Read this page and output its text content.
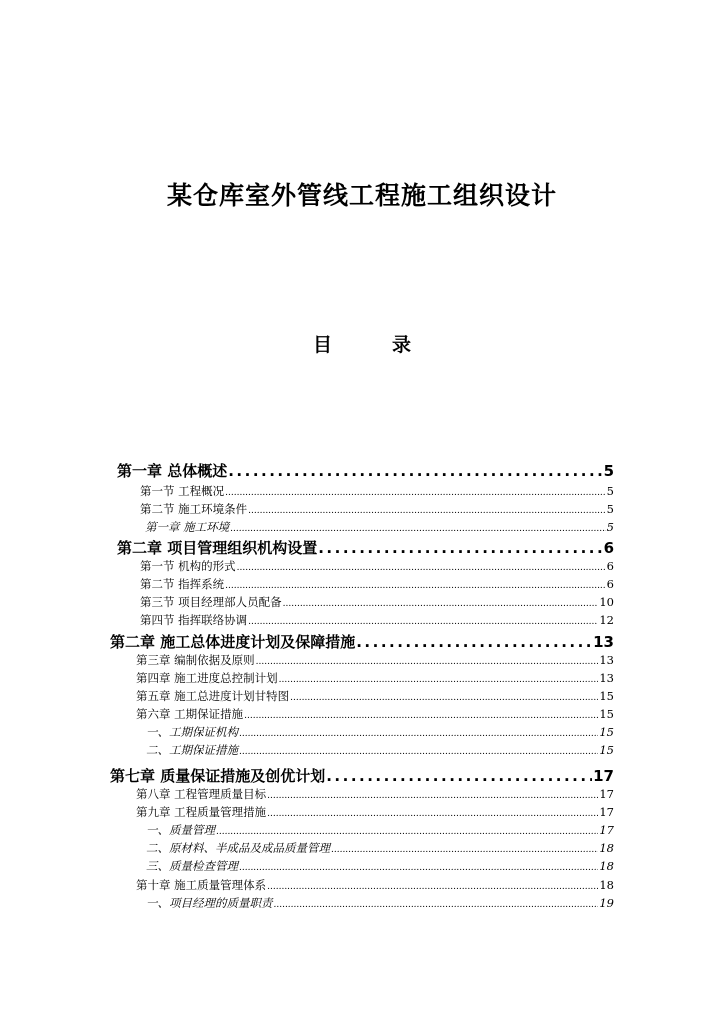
某仓库室外管线工程施工组织设计
目	录
第一章 总体概述 .....	5
第一节 工程概况 .....	5
第二节 施工环境条件 .....	5
第一章 施工环境 .....	5
第二章 项目管理组织机构设置 .....	6
第一节 机构的形式 .....	6
第二节 指挥系统 .....	6
第三节 项目经理部人员配备 .....	10
第四节 指挥联络协调 .....	12
第二章 施工总体进度计划及保障措施 .....	13
第三章 编制依据及原则 .....	13
第四章 施工进度总控制计划 .....	13
第五章 施工总进度计划甘特图 .....	15
第六章 工期保证措施 .....	15
一、工期保证机构 .....	15
二、工期保证措施 .....	15
第七章 质量保证措施及创优计划 .....	17
第八章 工程管理质量目标 .....	17
第九章 工程质量管理措施 .....	17
一、质量管理 .....	17
二、原材料、半成品及成品质量管理 .....	18
三、质量检查管理 .....	18
第十章 施工质量管理体系 .....	18
一、项目经理的质量职责 .....	19
